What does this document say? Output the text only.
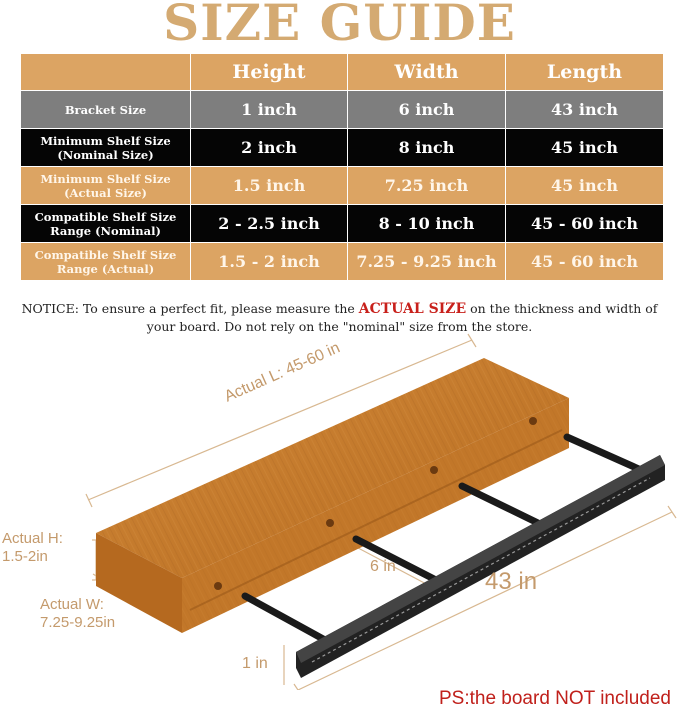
SIZE GUIDE
	Height	Width	Length
Bracket Size	1 inch	6 inch	43 inch
Minimum Shelf Size
(Nominal Size)	2 inch	8 inch	45 inch
Minimum Shelf Size
(Actual Size)	1.5 inch	7.25 inch	45 inch
Compatible Shelf Size
Range (Nominal)	2 - 2.5 inch	8 - 10 inch	45 - 60 inch
Compatible Shelf Size
Range (Actual)	1.5 - 2 inch	7.25 - 9.25 inch	45 - 60 inch
NOTICE: To ensure a perfect fit, please measure the ACTUAL SIZE on the thickness and width of
your board. Do not rely on the "nominal" size from the store.
Actual L: 45-60 in
Actual H:
1.5-2in
Actual W:
7.25-9.25in
6 in
43 in
1 in
PS:the board NOT included
